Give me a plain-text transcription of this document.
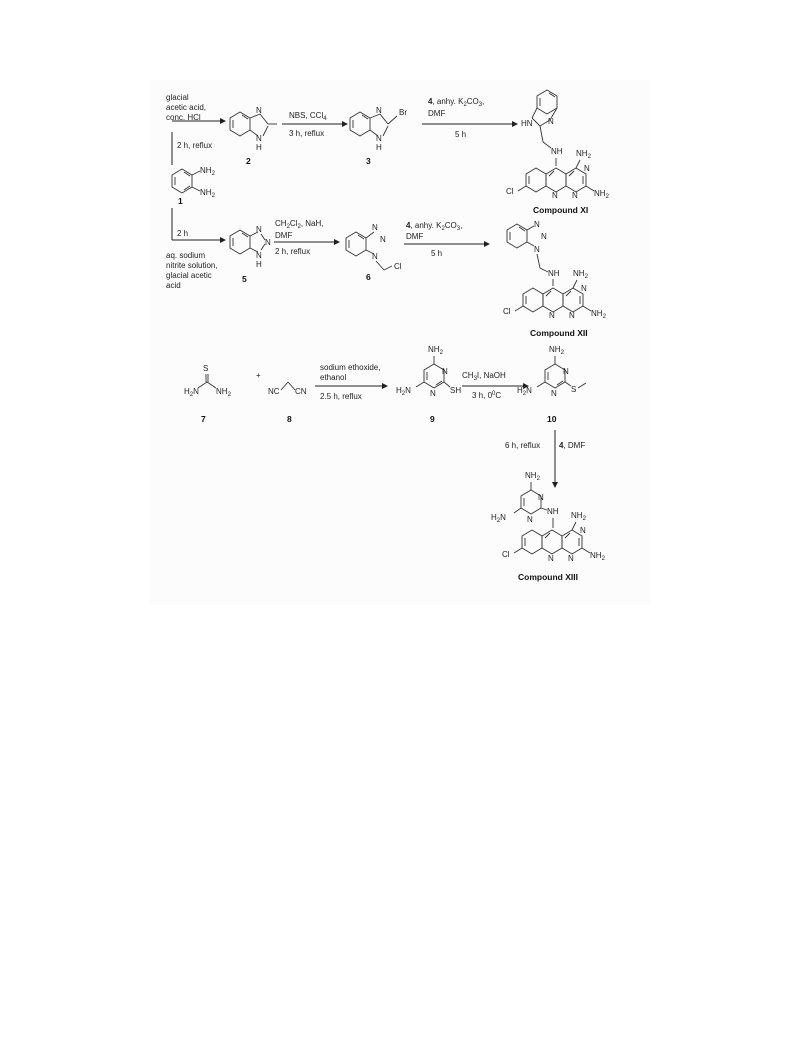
$NH_2$
$NH_2$
1
glacial
acetic acid,
conc. HCl
2 h, reflux
N
N
H
2
NBS, CCl$_4$
3 h, reflux
N
N
H
Br
3
4, anhy. $K_2CO_3$,
DMF
5 h
HN N
NH
Cl	N N
N
$NH_2$
$NH_2$
Compound XI
2 h
aq. sodium
nitrite solution,
glacial acetic
acid
N
N
N
H
5
$CH_2Cl_2$, NaH,
DMF
2 h, reflux
N
N
N
Cl
6
4, anhy. $K_2CO_3$,
DMF
5 h
N
N
N
NH
Cl	N N
N
$NH_2$
$NH_2$
Compound XII
S
$H_2N$ $NH_2$
7
+
NC CN
8
sodium ethoxide,
ethanol
2.5 h, reflux
$NH_2$
N
N
$H_2N$	SH
9
$CH_3I$, NaOH
3 h, $0^0C$
$NH_2$
N
N
$H_2N$	S
10
6 h, reflux 4, DMF
$NH_2$
N
N
$H_2N$
NH
Cl	N N
N
$NH_2$
$NH_2$
Compound XIII
